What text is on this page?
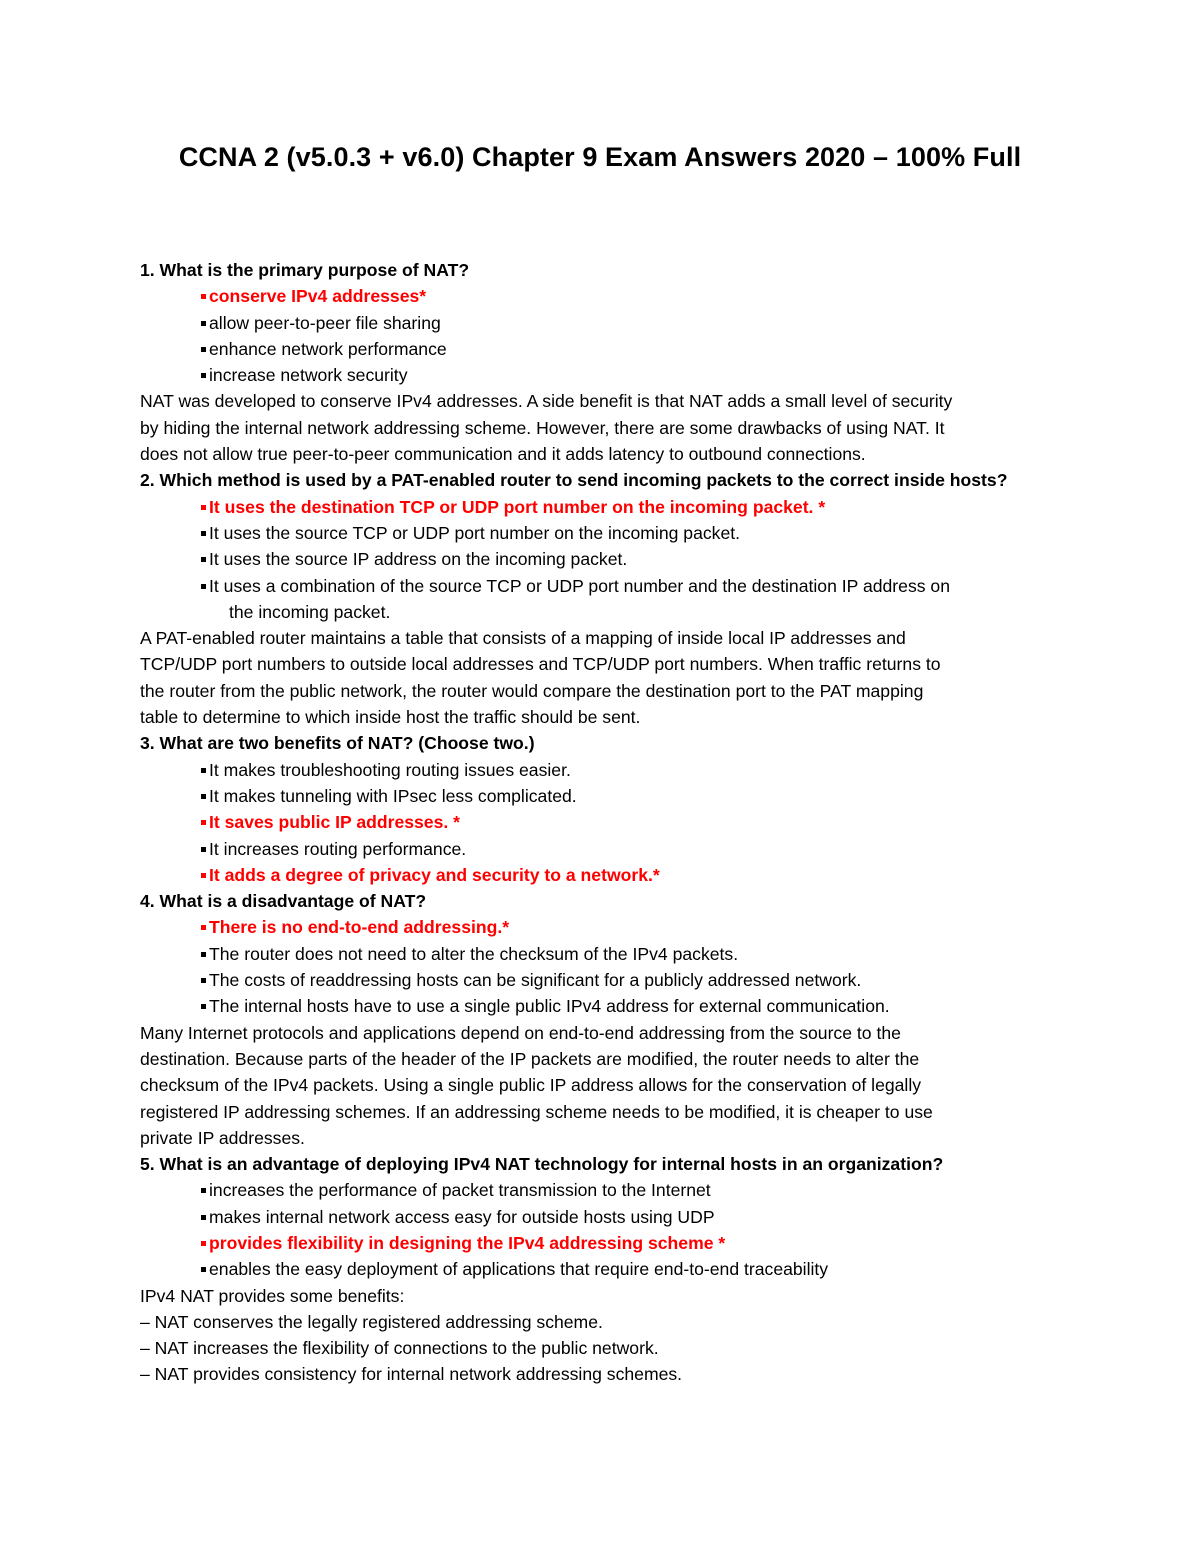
CCNA 2 (v5.0.3 + v6.0) Chapter 9 Exam Answers 2020 – 100% Full
1. What is the primary purpose of NAT?
conserve IPv4 addresses*
allow peer-to-peer file sharing
enhance network performance
increase network security
NAT was developed to conserve IPv4 addresses. A side benefit is that NAT adds a small level of security
by hiding the internal network addressing scheme. However, there are some drawbacks of using NAT. It
does not allow true peer-to-peer communication and it adds latency to outbound connections.
2. Which method is used by a PAT-enabled router to send incoming packets to the correct inside hosts?
It uses the destination TCP or UDP port number on the incoming packet. *
It uses the source TCP or UDP port number on the incoming packet.
It uses the source IP address on the incoming packet.
It uses a combination of the source TCP or UDP port number and the destination IP address on
the incoming packet.
A PAT-enabled router maintains a table that consists of a mapping of inside local IP addresses and
TCP/UDP port numbers to outside local addresses and TCP/UDP port numbers. When traffic returns to
the router from the public network, the router would compare the destination port to the PAT mapping
table to determine to which inside host the traffic should be sent.
3. What are two benefits of NAT? (Choose two.)
It makes troubleshooting routing issues easier.
It makes tunneling with IPsec less complicated.
It saves public IP addresses. *
It increases routing performance.
It adds a degree of privacy and security to a network.*
4. What is a disadvantage of NAT?
There is no end-to-end addressing.*
The router does not need to alter the checksum of the IPv4 packets.
The costs of readdressing hosts can be significant for a publicly addressed network.
The internal hosts have to use a single public IPv4 address for external communication.
Many Internet protocols and applications depend on end-to-end addressing from the source to the
destination. Because parts of the header of the IP packets are modified, the router needs to alter the
checksum of the IPv4 packets. Using a single public IP address allows for the conservation of legally
registered IP addressing schemes. If an addressing scheme needs to be modified, it is cheaper to use
private IP addresses.
5. What is an advantage of deploying IPv4 NAT technology for internal hosts in an organization?
increases the performance of packet transmission to the Internet
makes internal network access easy for outside hosts using UDP
provides flexibility in designing the IPv4 addressing scheme *
enables the easy deployment of applications that require end-to-end traceability
IPv4 NAT provides some benefits:
– NAT conserves the legally registered addressing scheme.
– NAT increases the flexibility of connections to the public network.
– NAT provides consistency for internal network addressing schemes.
